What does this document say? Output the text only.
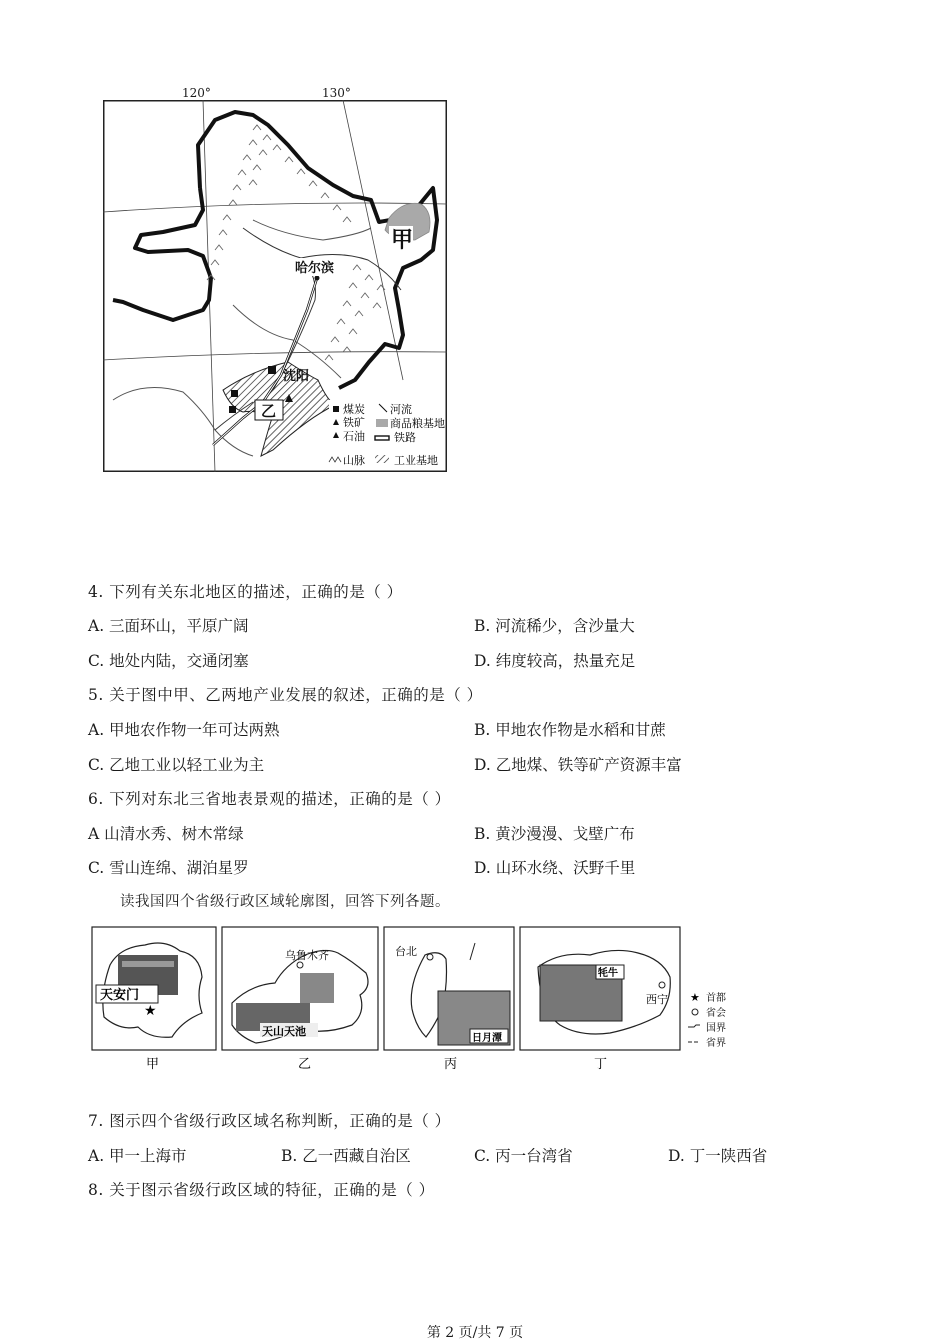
甲
哈尔滨
沈阳
乙	煤炭
铁矿
石油
山脉
河流
商品粮基地
铁路
工业基地
120°	130°
4. 下列有关东北地区的描述，正确的是（ ）
A. 三面环山，平原广阔	B. 河流稀少，含沙量大
C. 地处内陆，交通闭塞	D. 纬度较高，热量充足
5. 关于图中甲、乙两地产业发展的叙述，正确的是（ ）
A. 甲地农作物一年可达两熟	B. 甲地农作物是水稻和甘蔗
C. 乙地工业以轻工业为主	D. 乙地煤、铁等矿产资源丰富
6. 下列对东北三省地表景观的描述，正确的是（ ）
A 山清水秀、树木常绿	B. 黄沙漫漫、戈壁广布
C. 雪山连绵、湖泊星罗	D. 山环水绕、沃野千里
读我国四个省级行政区域轮廓图，回答下列各题。
天安门
★
甲
乌鲁木齐
天山天池
乙
台北
日月潭
丙
牦牛
西宁
丁
★ 首都
省会
国界
省界
7. 图示四个省级行政区域名称判断，正确的是（ ）
A. 甲一上海市	B. 乙一西藏自治区	C. 丙一台湾省	D. 丁一陕西省
8. 关于图示省级行政区域的特征，正确的是（ ）
第 2 页/共 7 页
